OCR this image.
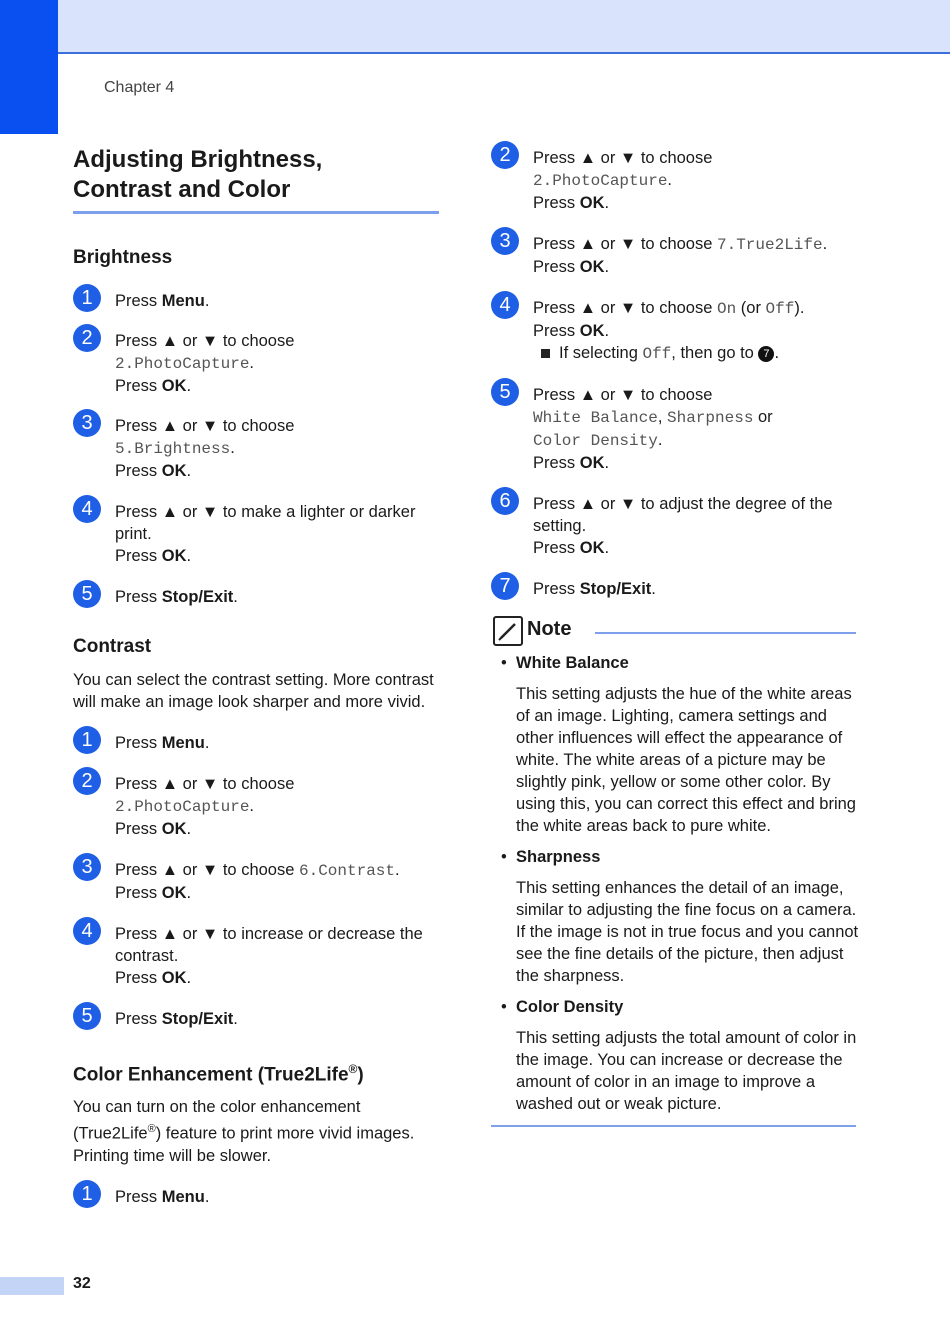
Chapter 4
Adjusting Brightness,
Contrast and Color
Brightness
1	Press Menu.
2	Press ▲ or ▼ to choose
2.PhotoCapture.
Press OK.
3	Press ▲ or ▼ to choose
5.Brightness.
Press OK.
4	Press ▲ or ▼ to make a lighter or darker print.
Press OK.
5	Press Stop/Exit.
Contrast

You can select the contrast setting. More contrast will make an image look sharper and more vivid.

1	Press Menu.
2	Press ▲ or ▼ to choose
2.PhotoCapture.
Press OK.
3	Press ▲ or ▼ to choose 6.Contrast.
Press OK.
4	Press ▲ or ▼ to increase or decrease the contrast.
Press OK.
5	Press Stop/Exit.
Color Enhancement (True2Life®)

You can turn on the color enhancement (True2Life®) feature to print more vivid images. Printing time will be slower.

1	Press Menu.
2	Press ▲ or ▼ to choose
2.PhotoCapture.
Press OK.
3	Press ▲ or ▼ to choose 7.True2Life.
Press OK.
4	Press ▲ or ▼ to choose On (or Off).
Press OK.
If selecting Off, then go to 7 .
5	Press ▲ or ▼ to choose
White Balance, Sharpness or
Color Density.
Press OK.
6	Press ▲ or ▼ to adjust the degree of the setting.
Press OK.
7	Press Stop/Exit.
Note
• White Balance
This setting adjusts the hue of the white areas of an image. Lighting, camera settings and other influences will effect the appearance of white. The white areas of a picture may be slightly pink, yellow or some other color. By using this, you can correct this effect and bring the white areas back to pure white.
• Sharpness
This setting enhances the detail of an image, similar to adjusting the fine focus on a camera. If the image is not in true focus and you cannot see the fine details of the picture, then adjust the sharpness.
• Color Density
This setting adjusts the total amount of color in the image. You can increase or decrease the amount of color in an image to improve a washed out or weak picture.
32
